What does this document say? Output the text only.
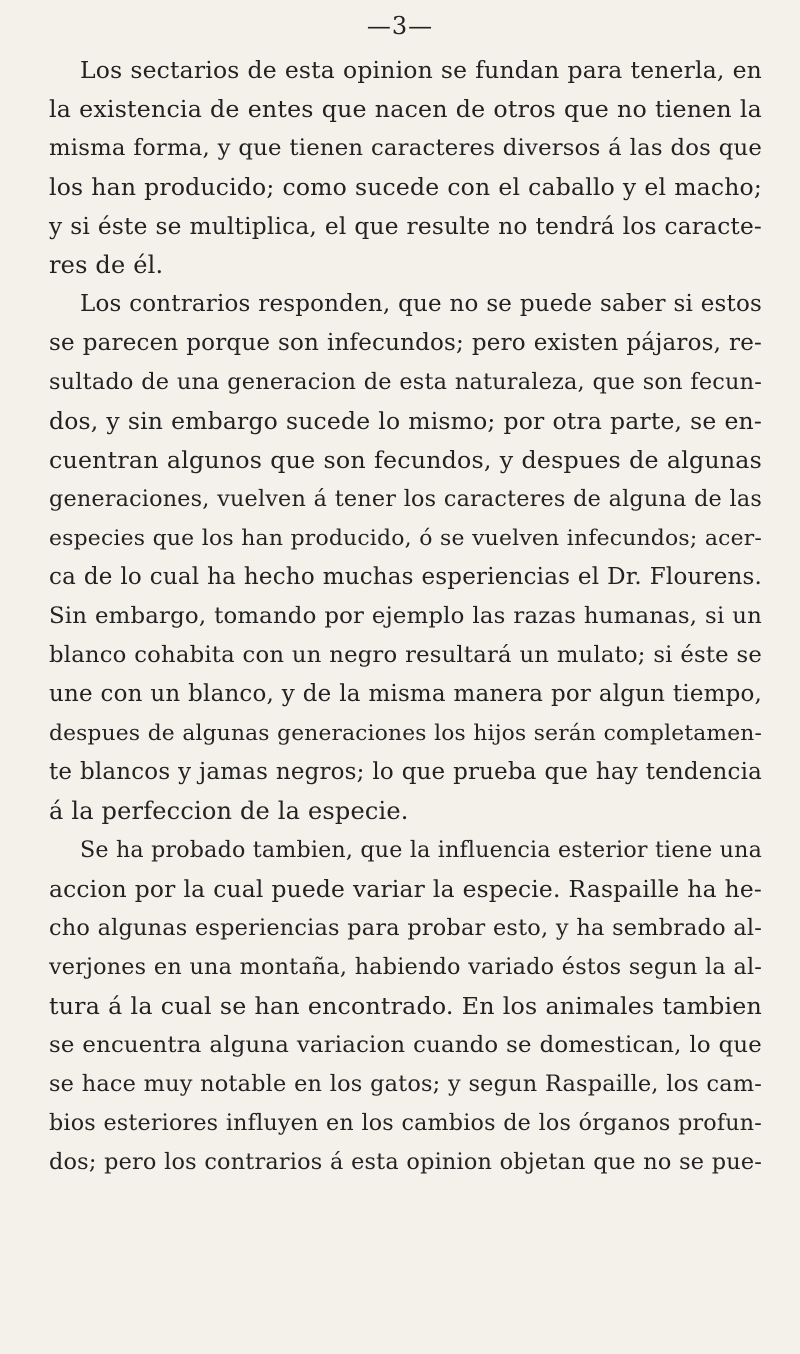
—3—
Los sectarios de esta opinion se fundan para tenerla, en
la existencia de entes que nacen de otros que no tienen la
misma forma, y que tienen caracteres diversos á las dos que
los han producido; como sucede con el caballo y el macho;
y si éste se multiplica, el que resulte no tendrá los caracte-
res de él.
Los contrarios responden, que no se puede saber si estos
se parecen porque son infecundos; pero existen pájaros, re-
sultado de una generacion de esta naturaleza, que son fecun-
dos, y sin embargo sucede lo mismo; por otra parte, se en-
cuentran algunos que son fecundos, y despues de algunas
generaciones, vuelven á tener los caracteres de alguna de las
especies que los han producido, ó se vuelven infecundos; acer-
ca de lo cual ha hecho muchas esperiencias el Dr. Flourens.
Sin embargo, tomando por ejemplo las razas humanas, si un
blanco cohabita con un negro resultará un mulato; si éste se
une con un blanco, y de la misma manera por algun tiempo,
despues de algunas generaciones los hijos serán completamen-
te blancos y jamas negros; lo que prueba que hay tendencia
á la perfeccion de la especie.
Se ha probado tambien, que la influencia esterior tiene una
accion por la cual puede variar la especie. Raspaille ha he-
cho algunas esperiencias para probar esto, y ha sembrado al-
verjones en una montaña, habiendo variado éstos segun la al-
tura á la cual se han encontrado. En los animales tambien
se encuentra alguna variacion cuando se domestican, lo que
se hace muy notable en los gatos; y segun Raspaille, los cam-
bios esteriores influyen en los cambios de los órganos profun-
dos; pero los contrarios á esta opinion objetan que no se pue-
